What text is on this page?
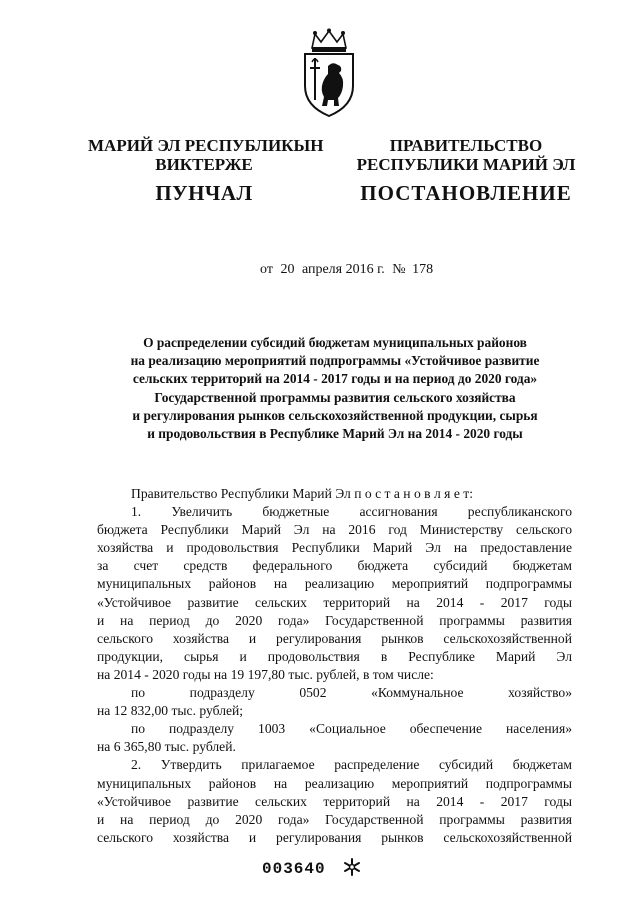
МАРИЙ ЭЛ РЕСПУБЛИКЫН
ВИКТЕРЖЕ
ПУНЧАЛ
ПРАВИТЕЛЬСТВО
РЕСПУБЛИКИ МАРИЙ ЭЛ
ПОСТАНОВЛЕНИЕ
от 20 апреля 2016 г. № 178
О распределении субсидий бюджетам муниципальных районов
на реализацию мероприятий подпрограммы «Устойчивое развитие
сельских территорий на 2014 - 2017 годы и на период до 2020 года»
Государственной программы развития сельского хозяйства
и регулирования рынков сельскохозяйственной продукции, сырья
и продовольствия в Республике Марий Эл на 2014 - 2020 годы
Правительство Республики Марий Эл п о с т а н о в л я е т:
1. Увеличить бюджетные ассигнования республиканского
бюджета Республики Марий Эл на 2016 год Министерству сельского
хозяйства и продовольствия Республики Марий Эл на предоставление
за счет средств федерального бюджета субсидий бюджетам
муниципальных районов на реализацию мероприятий подпрограммы
«Устойчивое развитие сельских территорий на 2014 - 2017 годы
и на период до 2020 года» Государственной программы развития
сельского хозяйства и регулирования рынков сельскохозяйственной
продукции, сырья и продовольствия в Республике Марий Эл
на 2014 - 2020 годы на 19 197,80 тыс. рублей, в том числе:
по подразделу 0502 «Коммунальное хозяйство»
на 12 832,00 тыс. рублей;
по подразделу 1003 «Социальное обеспечение населения»
на 6 365,80 тыс. рублей.
2. Утвердить прилагаемое распределение субсидий бюджетам
муниципальных районов на реализацию мероприятий подпрограммы
«Устойчивое развитие сельских территорий на 2014 - 2017 годы
и на период до 2020 года» Государственной программы развития
сельского хозяйства и регулирования рынков сельскохозяйственной
003640
